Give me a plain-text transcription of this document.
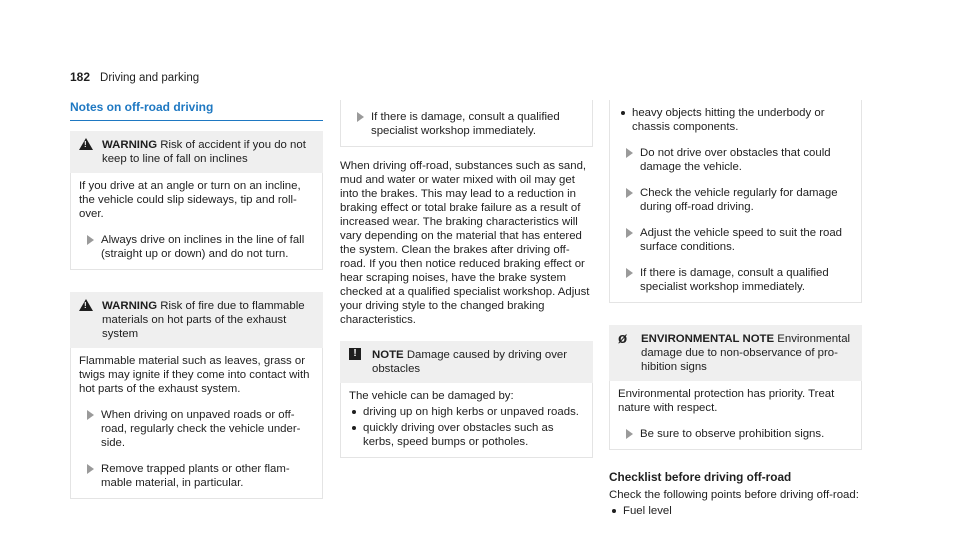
182 Driving and parking
Notes on off-road driving
! WARNING Risk of accident if you do not keep to line of fall on inclines

If you drive at an angle or turn on an incline, the vehicle could slip sideways, tip and roll-over.

Always drive on inclines in the line of fall (straight up or down) and do not turn.
! WARNING Risk of fire due to flammable materials on hot parts of the exhaust system

Flammable material such as leaves, grass or twigs may ignite if they come into contact with hot parts of the exhaust system.

When driving on unpaved roads or off-road, regularly check the vehicle under-side.
Remove trapped plants or other flam-mable material, in particular.
If there is damage, consult a qualified specialist workshop immediately.

When driving off-road, substances such as sand, mud and water or water mixed with oil may get into the brakes. This may lead to a reduction in braking effect or total brake failure as a result of increased wear. The braking characteristics will vary depending on the material that has entered the system. Clean the brakes after driving off-road. If you then notice reduced braking effect or hear scraping noises, have the brake system checked at a qualified specialist workshop. Adjust your driving style to the changed braking characteristics.

!	NOTE Damage caused by driving over obstacles

The vehicle can be damaged by:

driving up on high kerbs or unpaved roads.
quickly driving over obstacles such as kerbs, speed bumps or potholes.
heavy objects hitting the underbody or chassis components.
Do not drive over obstacles that could damage the vehicle.
Check the vehicle regularly for damage during off-road driving.
Adjust the vehicle speed to suit the road surface conditions.
If there is damage, consult a qualified specialist workshop immediately.
ø ENVIRONMENTAL NOTE Environmental damage due to non-observance of pro-hibition signs

Environmental protection has priority. Treat nature with respect.

Be sure to observe prohibition signs.
Checklist before driving off-road

Check the following points before driving off-road:

Fuel level
